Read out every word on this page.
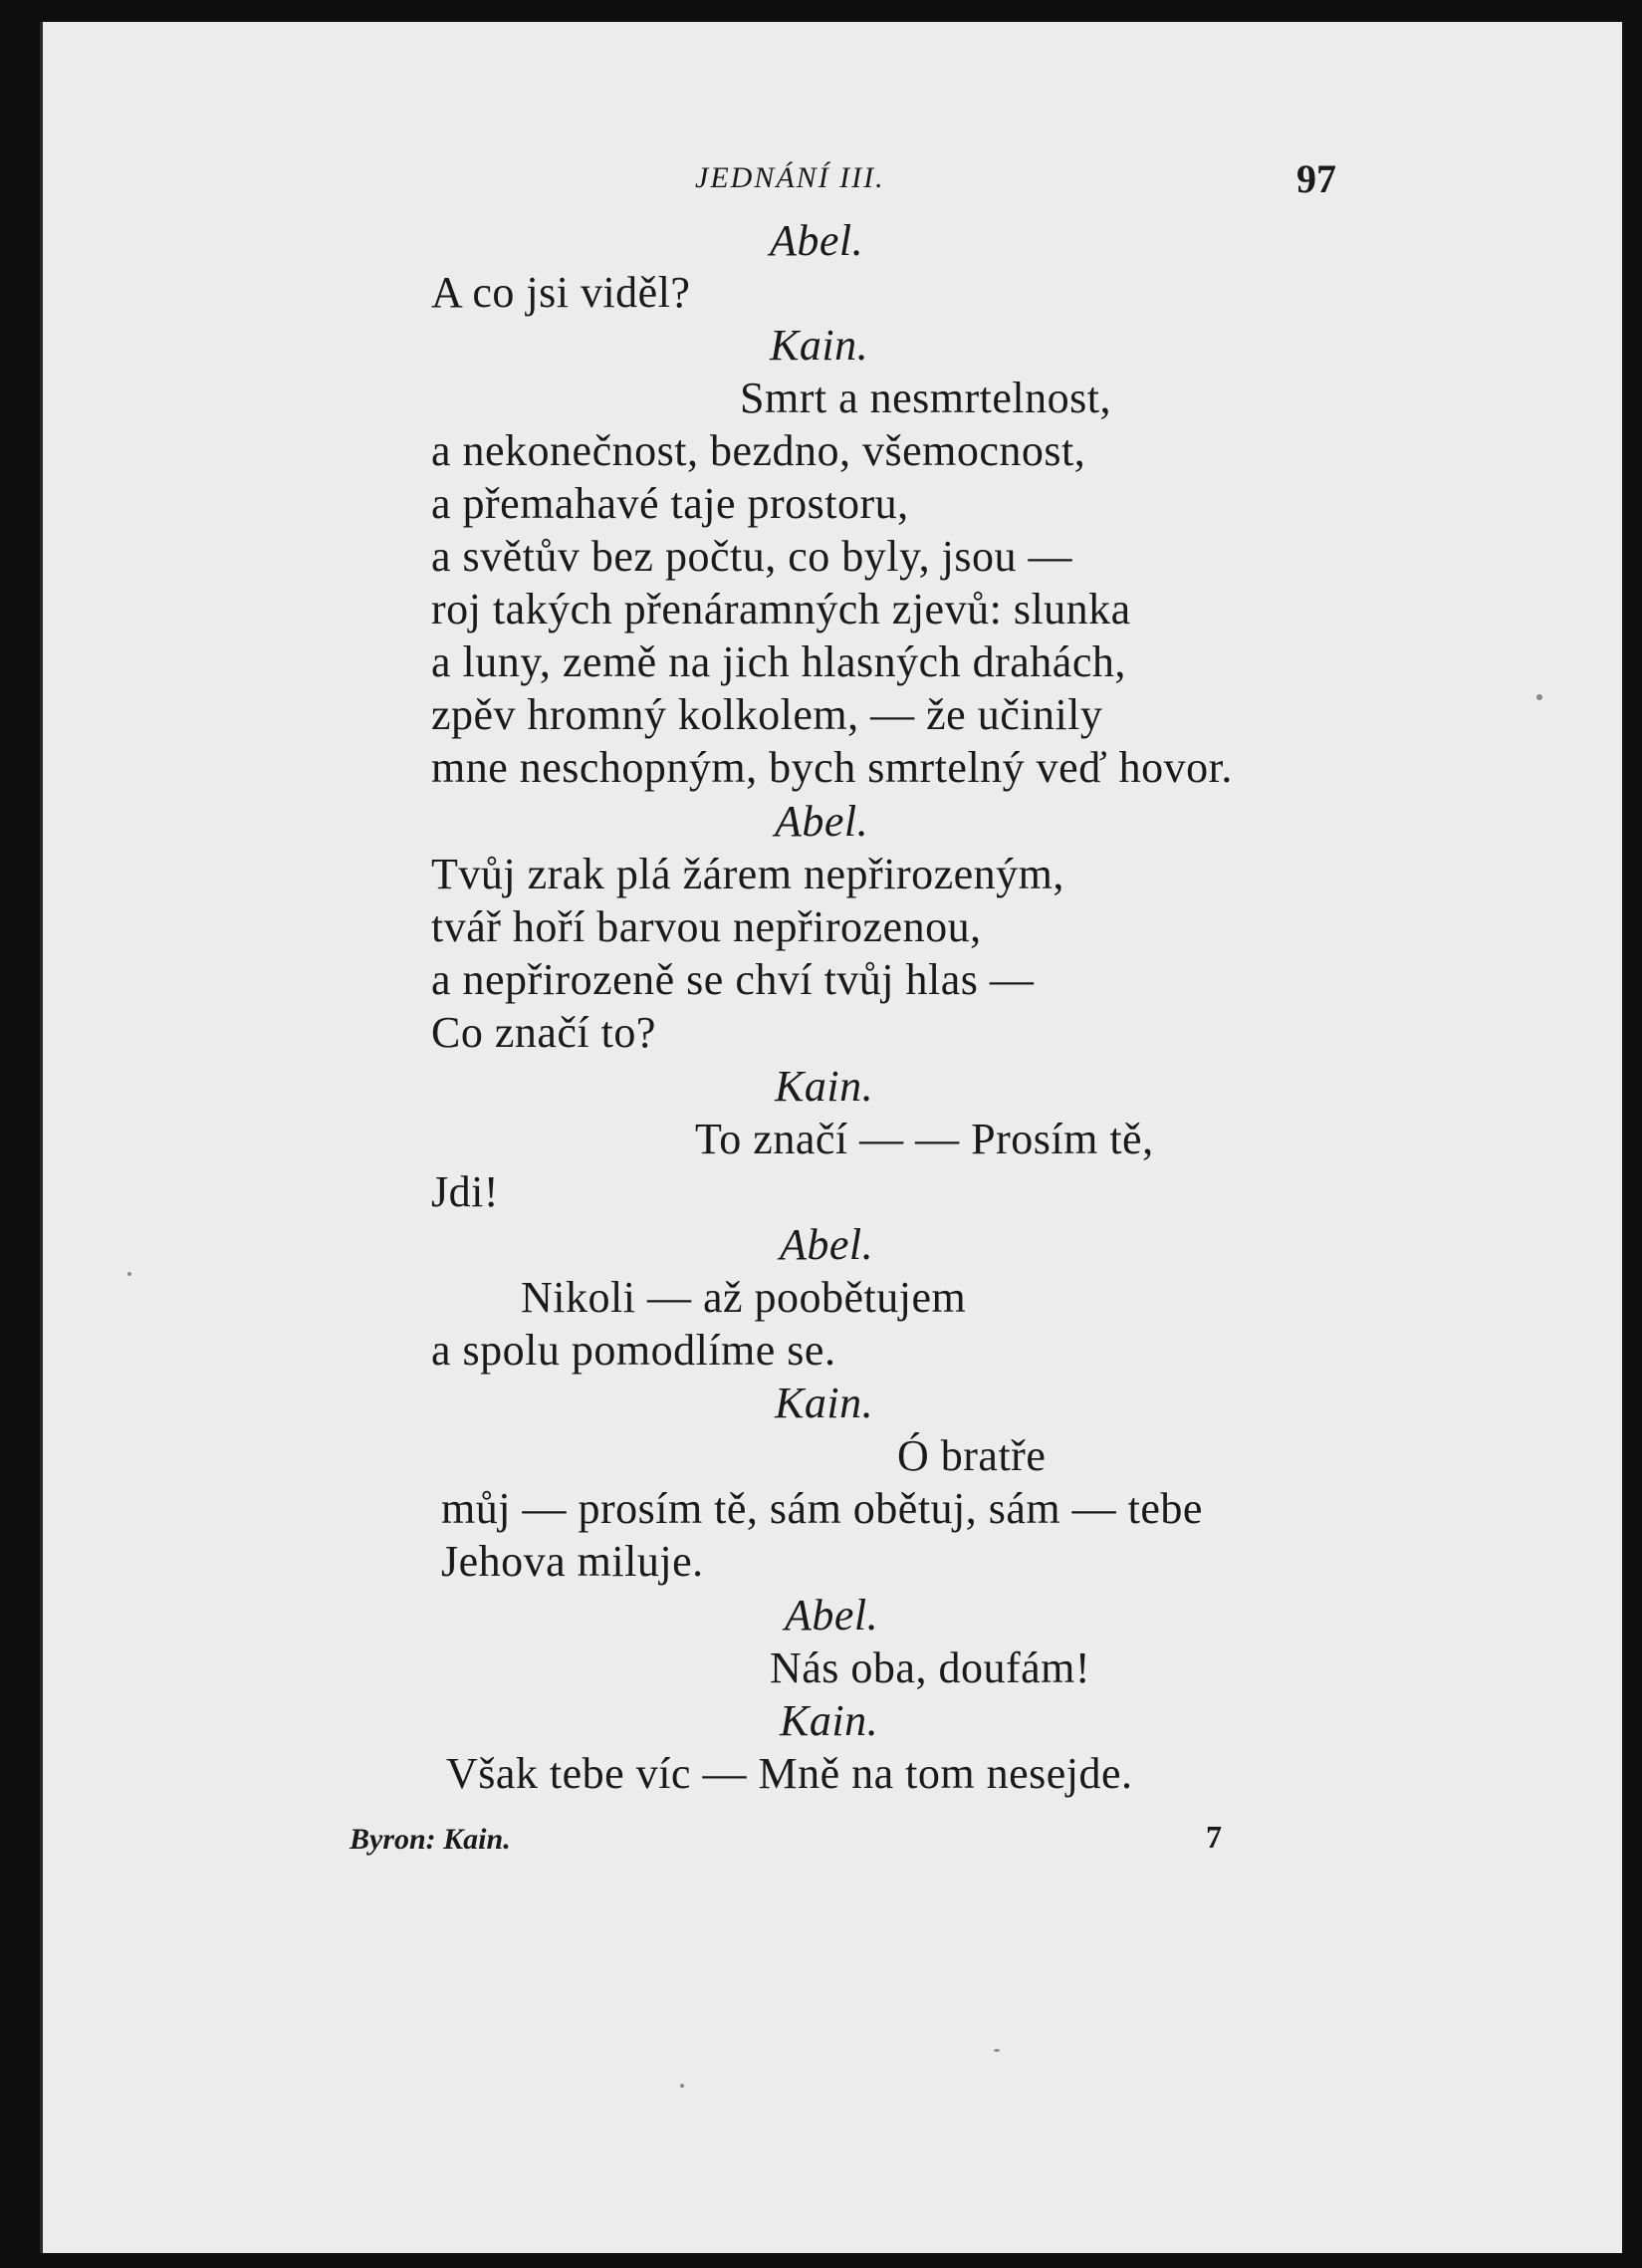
JEDNÁNÍ III.	97
Abel.
A co jsi viděl?
Kain.
Smrt a nesmrtelnost,
a nekonečnost, bezdno, všemocnost,
a přemahavé taje prostoru,
a světův bez počtu, co byly, jsou —
roj takých přenáramných zjevů: slunka
a luny, země na jich hlasných drahách,
zpěv hromný kolkolem, — že učinily
mne neschopným, bych smrtelný veď hovor.
Abel.
Tvůj zrak plá žárem nepřirozeným,
tvář hoří barvou nepřirozenou,
a nepřirozeně se chví tvůj hlas —
Co značí to?
Kain.
To značí — — Prosím tě,
Jdi!
Abel.
Nikoli — až poobětujem
a spolu pomodlíme se.
Kain.
Ó bratře
můj — prosím tě, sám obětuj, sám — tebe
Jehova miluje.
Abel.
Nás oba, doufám!
Kain.
Však tebe víc — Mně na tom nesejde.
Byron: Kain.	7
